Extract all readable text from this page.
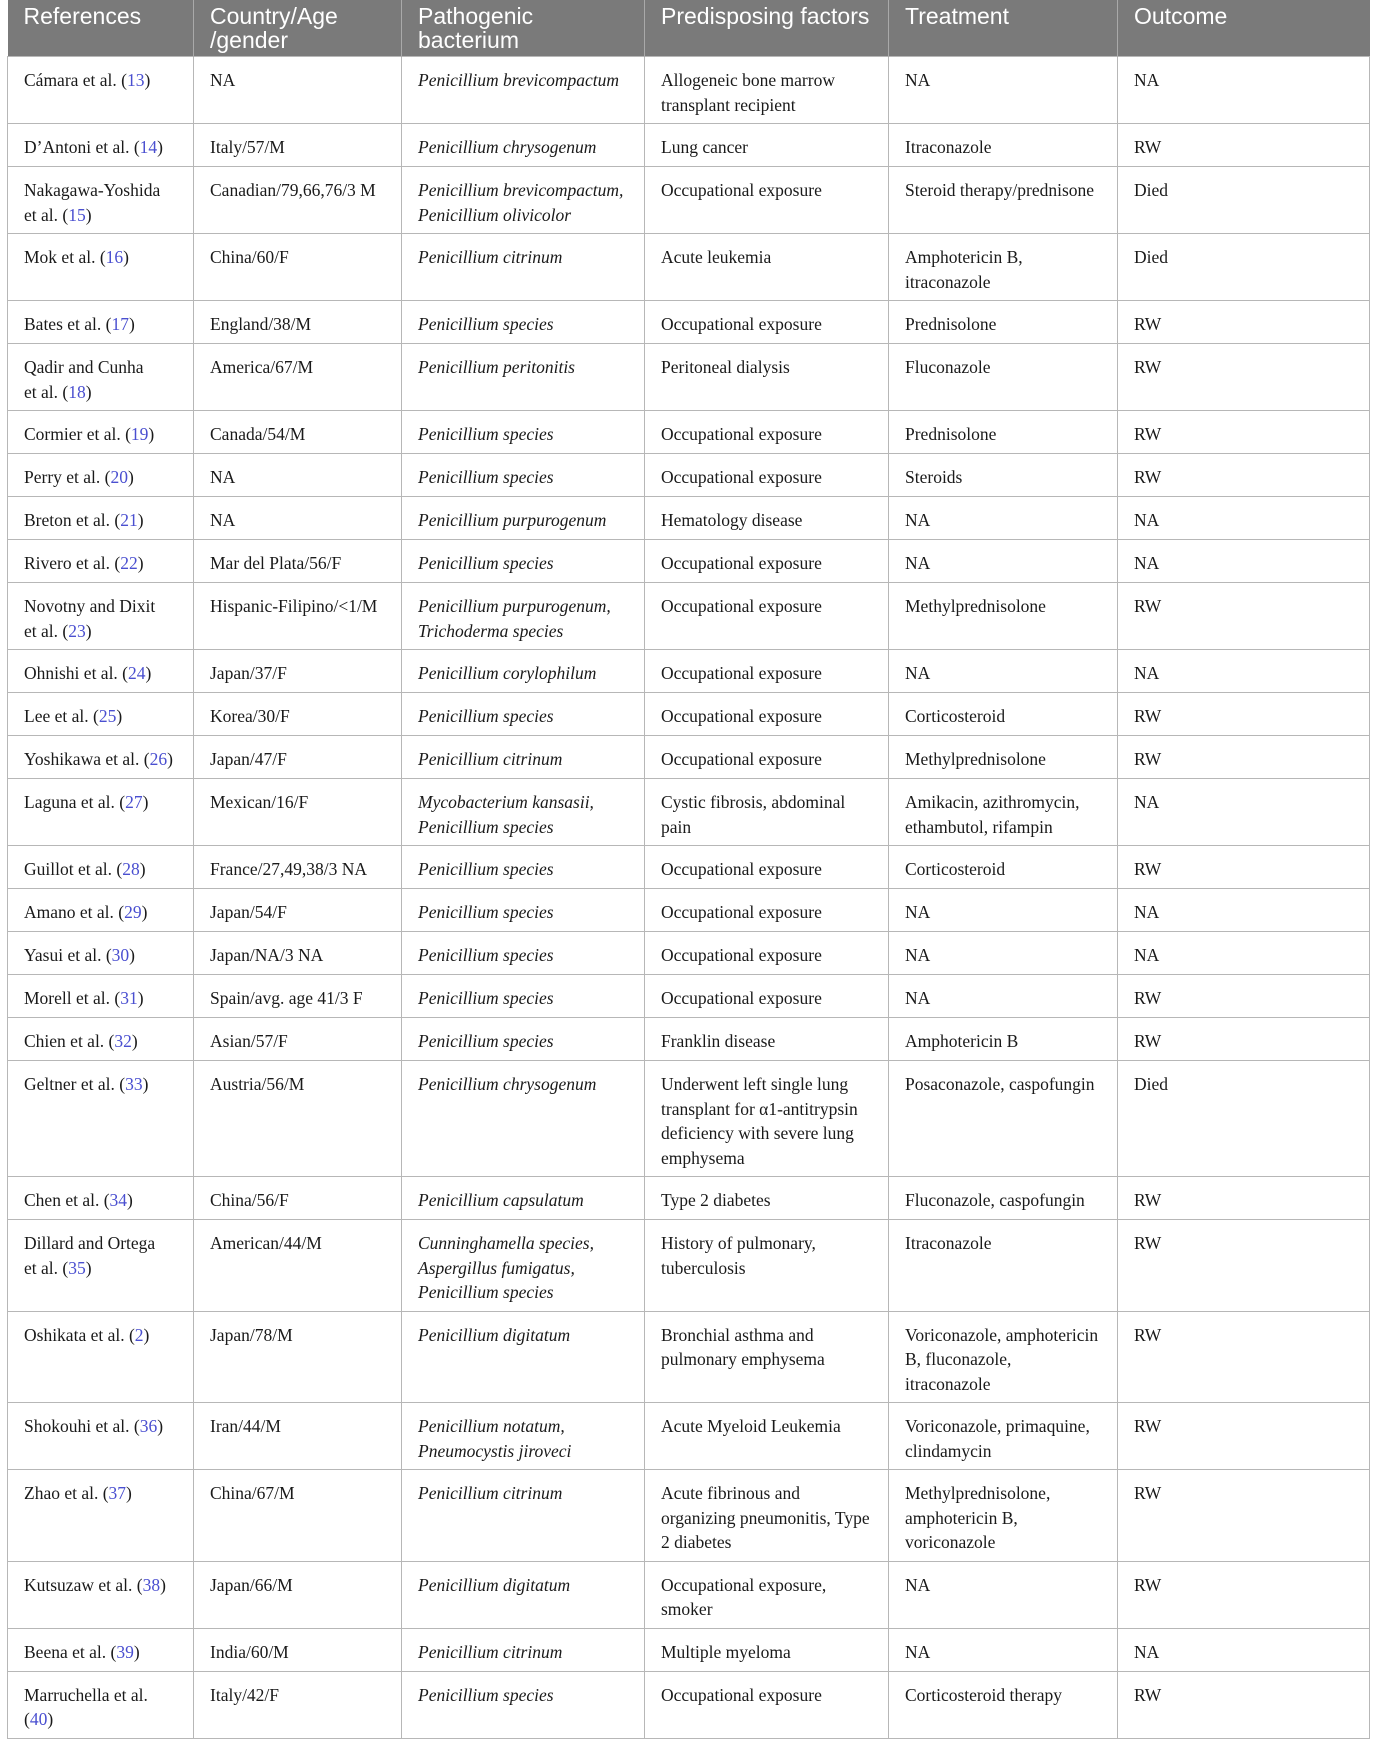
References	Country/Age
/gender	Pathogenic
bacterium	Predisposing factors	Treatment	Outcome

Cámara et al. (13)	NA	Penicillium brevicompactum	Allogeneic bone marrow
transplant recipient	NA	NA
D’Antoni et al. (14)	Italy/57/M	Penicillium chrysogenum	Lung cancer	Itraconazole	RW
Nakagawa-Yoshida
et al. (15)	Canadian/79,66,76/3 M	Penicillium brevicompactum,
Penicillium olivicolor	Occupational exposure	Steroid therapy/prednisone	Died
Mok et al. (16)	China/60/F	Penicillium citrinum	Acute leukemia	Amphotericin B,
itraconazole	Died
Bates et al. (17)	England/38/M	Penicillium species	Occupational exposure	Prednisolone	RW
Qadir and Cunha
et al. (18)	America/67/M	Penicillium peritonitis	Peritoneal dialysis	Fluconazole	RW
Cormier et al. (19)	Canada/54/M	Penicillium species	Occupational exposure	Prednisolone	RW
Perry et al. (20)	NA	Penicillium species	Occupational exposure	Steroids	RW
Breton et al. (21)	NA	Penicillium purpurogenum	Hematology disease	NA	NA
Rivero et al. (22)	Mar del Plata/56/F	Penicillium species	Occupational exposure	NA	NA
Novotny and Dixit
et al. (23)	Hispanic-Filipino/<1/M	Penicillium purpurogenum,
Trichoderma species	Occupational exposure	Methylprednisolone	RW
Ohnishi et al. (24)	Japan/37/F	Penicillium corylophilum	Occupational exposure	NA	NA
Lee et al. (25)	Korea/30/F	Penicillium species	Occupational exposure	Corticosteroid	RW
Yoshikawa et al. (26)	Japan/47/F	Penicillium citrinum	Occupational exposure	Methylprednisolone	RW
Laguna et al. (27)	Mexican/16/F	Mycobacterium kansasii,
Penicillium species	Cystic fibrosis, abdominal
pain	Amikacin, azithromycin,
ethambutol, rifampin	NA
Guillot et al. (28)	France/27,49,38/3 NA	Penicillium species	Occupational exposure	Corticosteroid	RW
Amano et al. (29)	Japan/54/F	Penicillium species	Occupational exposure	NA	NA
Yasui et al. (30)	Japan/NA/3 NA	Penicillium species	Occupational exposure	NA	NA
Morell et al. (31)	Spain/avg. age 41/3 F	Penicillium species	Occupational exposure	NA	RW
Chien et al. (32)	Asian/57/F	Penicillium species	Franklin disease	Amphotericin B	RW
Geltner et al. (33)	Austria/56/M	Penicillium chrysogenum	Underwent left single lung
transplant for α1-antitrypsin
deficiency with severe lung
emphysema	Posaconazole, caspofungin	Died
Chen et al. (34)	China/56/F	Penicillium capsulatum	Type 2 diabetes	Fluconazole, caspofungin	RW
Dillard and Ortega
et al. (35)	American/44/M	Cunninghamella species,
Aspergillus fumigatus,
Penicillium species	History of pulmonary,
tuberculosis	Itraconazole	RW
Oshikata et al. (2)	Japan/78/M	Penicillium digitatum	Bronchial asthma and
pulmonary emphysema	Voriconazole, amphotericin
B, fluconazole, itraconazole	RW
Shokouhi et al. (36)	Iran/44/M	Penicillium notatum,
Pneumocystis jiroveci	Acute Myeloid Leukemia	Voriconazole, primaquine,
clindamycin	RW
Zhao et al. (37)	China/67/M	Penicillium citrinum	Acute fibrinous and
organizing pneumonitis, Type
2 diabetes	Methylprednisolone,
amphotericin B,
voriconazole	RW
Kutsuzaw et al. (38)	Japan/66/M	Penicillium digitatum	Occupational exposure,
smoker	NA	RW
Beena et al. (39)	India/60/M	Penicillium citrinum	Multiple myeloma	NA	NA
Marruchella et al. (40)	Italy/42/F	Penicillium species	Occupational exposure	Corticosteroid therapy	RW
